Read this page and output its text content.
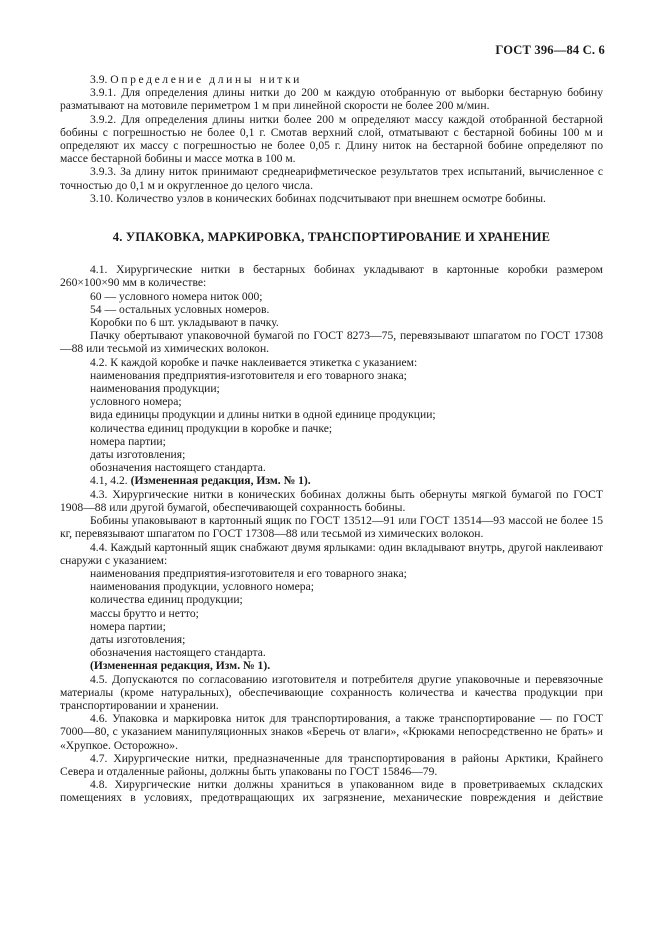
ГОСТ 396—84 С. 6

3.9. Определение длины нитки

3.9.1. Для определения длины нитки до 200 м каждую отобранную от выборки бестарную бобину разматывают на мотовиле периметром 1 м при линейной скорости не более 200 м/мин.

3.9.2. Для определения длины нитки более 200 м определяют массу каждой отобранной бестарной бобины с погрешностью не более 0,1 г. Смотав верхний слой, отматывают с бестарной бобины 100 м и определяют их массу с погрешностью не более 0,05 г. Длину ниток на бестарной бобине определяют по массе бестарной бобины и массе мотка в 100 м.

3.9.3. За длину ниток принимают среднеарифметическое результатов трех испытаний, вычисленное с точностью до 0,1 м и округленное до целого числа.

3.10. Количество узлов в конических бобинах подсчитывают при внешнем осмотре бобины.

4. УПАКОВКА, МАРКИРОВКА, ТРАНСПОРТИРОВАНИЕ И ХРАНЕНИЕ

4.1. Хирургические нитки в бестарных бобинах укладывают в картонные коробки размером 260×100×90 мм в количестве:

60 — условного номера ниток 000;

54 — остальных условных номеров.

Коробки по 6 шт. укладывают в пачку.

Пачку обертывают упаковочной бумагой по ГОСТ 8273—75, перевязывают шпагатом по ГОСТ 17308—88 или тесьмой из химических волокон.

4.2. К каждой коробке и пачке наклеивается этикетка с указанием:

наименования предприятия-изготовителя и его товарного знака;

наименования продукции;

условного номера;

вида единицы продукции и длины нитки в одной единице продукции;

количества единиц продукции в коробке и пачке;

номера партии;

даты изготовления;

обозначения настоящего стандарта.

4.1, 4.2. (Измененная редакция, Изм. № 1).

4.3. Хирургические нитки в конических бобинах должны быть обернуты мягкой бумагой по ГОСТ 1908—88 или другой бумагой, обеспечивающей сохранность бобины.

Бобины упаковывают в картонный ящик по ГОСТ 13512—91 или ГОСТ 13514—93 массой не более 15 кг, перевязывают шпагатом по ГОСТ 17308—88 или тесьмой из химических волокон.

4.4. Каждый картонный ящик снабжают двумя ярлыками: один вкладывают внутрь, другой наклеивают снаружи с указанием:

наименования предприятия-изготовителя и его товарного знака;

наименования продукции, условного номера;

количества единиц продукции;

массы брутто и нетто;

номера партии;

даты изготовления;

обозначения настоящего стандарта.

(Измененная редакция, Изм. № 1).

4.5. Допускаются по согласованию изготовителя и потребителя другие упаковочные и перевязочные материалы (кроме натуральных), обеспечивающие сохранность количества и качества продукции при транспортировании и хранении.

4.6. Упаковка и маркировка ниток для транспортирования, а также транспортирование — по ГОСТ 7000—80, с указанием манипуляционных знаков «Беречь от влаги», «Крюками непосредственно не брать» и «Хрупкое. Осторожно».

4.7. Хирургические нитки, предназначенные для транспортирования в районы Арктики, Крайнего Севера и отдаленные районы, должны быть упакованы по ГОСТ 15846—79.

4.8. Хирургические нитки должны храниться в упакованном виде в проветриваемых складских помещениях в условиях, предотвращающих их загрязнение, механические повреждения и действие
